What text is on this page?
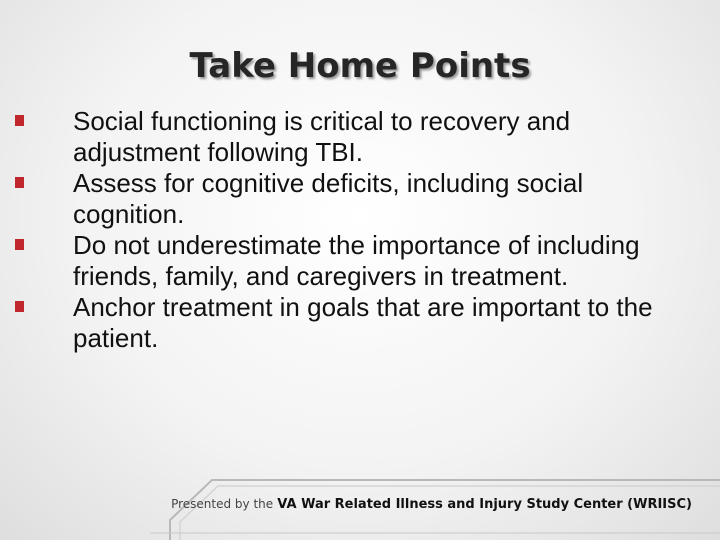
Take Home Points
Social functioning is critical to recovery and adjustment following TBI.
Assess for cognitive deficits, including social cognition.
Do not underestimate the importance of including friends, family, and caregivers in treatment.
Anchor treatment in goals that are important to the patient.
Presented by the VA War Related Illness and Injury Study Center (WRIISC)
